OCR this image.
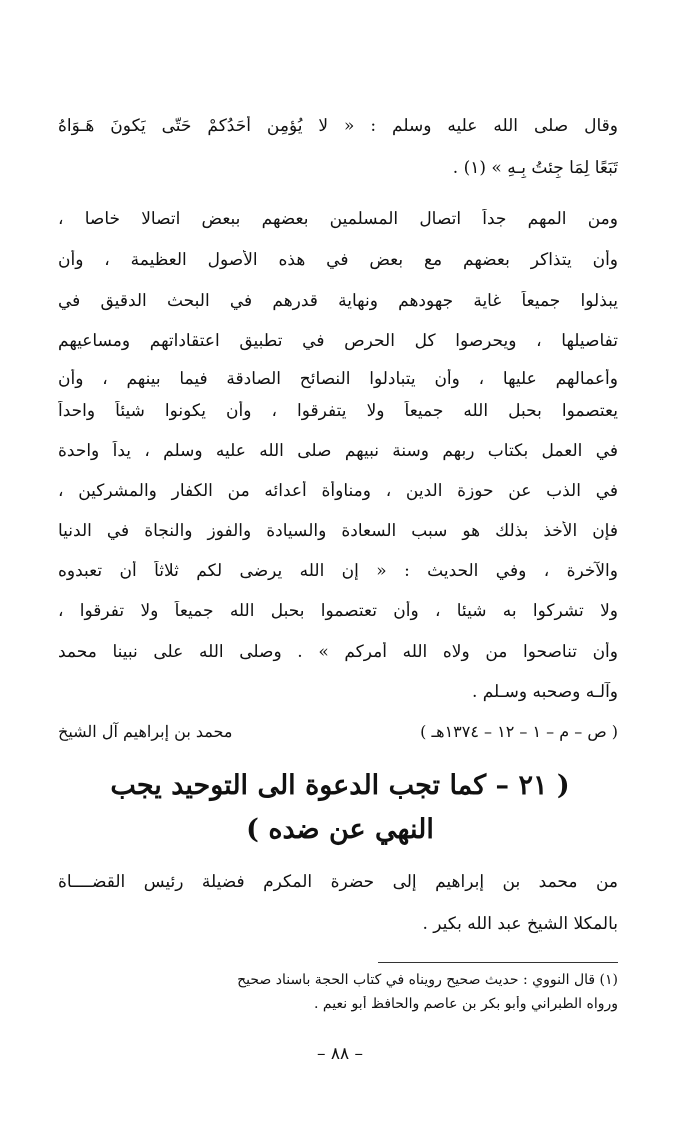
وقال صلى الله عليه وسلم : « لا يُؤمِن أحَدُكمْ حَتّى يَكونَ هَـوَاهُ
تَبَعًا لِمَا جِئتُ بِـهِ » (١) .
ومن المهم جداً اتصال المسلمين بعضهم ببعض اتصالا خاصا ،
وأن يتذاكر بعضهم مع بعض في هذه الأصول العظيمة ، وأن
يبذلوا جميعاً غاية جهودهم ونهاية قدرهم في البحث الدقيق في
تفاصيلها ، ويحرصوا كل الحرص في تطبيق اعتقاداتهم ومساعيهم
وأعمالهم عليها ، وأن يتبادلوا النصائح الصادقة فيما بينهم ، وأن
يعتصموا بحبل الله جميعاً ولا يتفرقوا ، وأن يكونوا شيئاً واحداً
في العمل بكتاب ربهم وسنة نبيهم صلى الله عليه وسلم ، يداً واحدة
في الذب عن حوزة الدين ، ومناوأة أعدائه من الكفار والمشركين ،
فإن الأخذ بذلك هو سبب السعادة والسيادة والفوز والنجاة في الدنيا
والآخرة ، وفي الحديث : « إن الله يرضى لكم ثلاثاً أن تعبدوه
ولا تشركوا به شيئا ، وأن تعتصموا بحبل الله جميعاً ولا تفرقوا ،
وأن تناصحوا من ولاه الله أمركم » . وصلى الله على نبينا محمد
وآلـه وصحبه وسـلم .
( ص – م – ١ – ١٢ – ١٣٧٤هـ )
محمد بن إبراهيم آل الشيخ
( ٢١ – كما تجب الدعوة الى التوحيد يجب
النهي عن ضده )
من محمد بن إبراهيم إلى حضرة المكرم فضيلة رئيس القضــــاة
بالمكلا الشيخ عبد الله بكير .
(١) قال النووي : حديث صحيح رويناه في كتاب الحجة باسناد صحيح
ورواه الطبراني وأبو بكر بن عاصم والحافظ أبو نعيم .
– ٨٨ –
